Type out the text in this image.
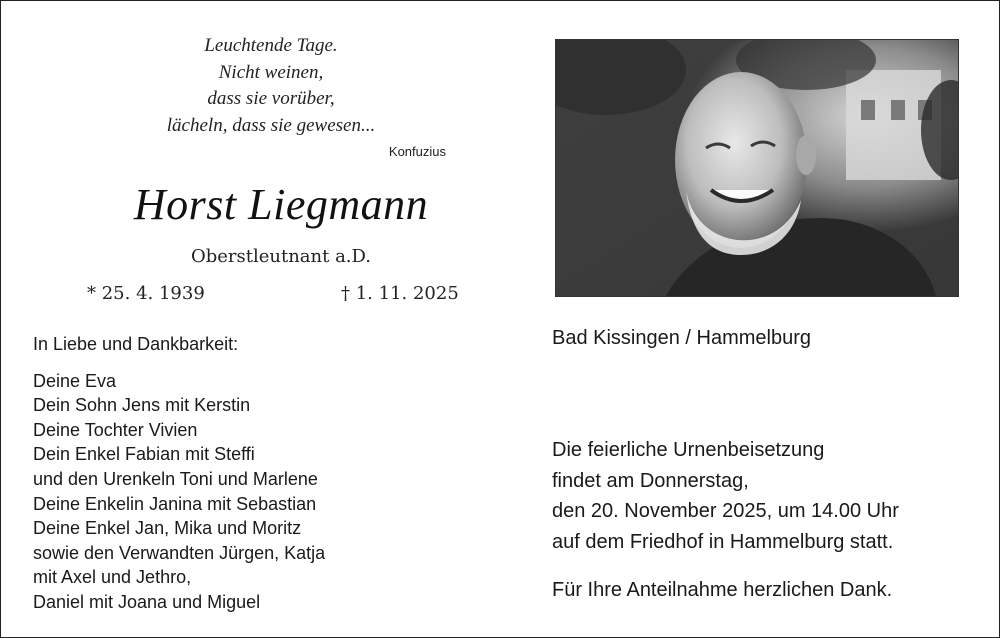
Leuchtende Tage.
Nicht weinen,
dass sie vorüber,
lächeln, dass sie gewesen...
Konfuzius
Horst Liegmann
Oberstleutnant a.D.
* 25. 4. 1939	† 1. 11. 2025
In Liebe und Dankbarkeit:
Deine Eva
Dein Sohn Jens mit Kerstin
Deine Tochter Vivien
Dein Enkel Fabian mit Steffi
und den Urenkeln Toni und Marlene
Deine Enkelin Janina mit Sebastian
Deine Enkel Jan, Mika und Moritz
sowie den Verwandten Jürgen, Katja
mit Axel und Jethro,
Daniel mit Joana und Miguel
Bad Kissingen / Hammelburg
Die feierliche Urnenbeisetzung
findet am Donnerstag,
den 20. November 2025, um 14.00 Uhr
auf dem Friedhof in Hammelburg statt.
Für Ihre Anteilnahme herzlichen Dank.
